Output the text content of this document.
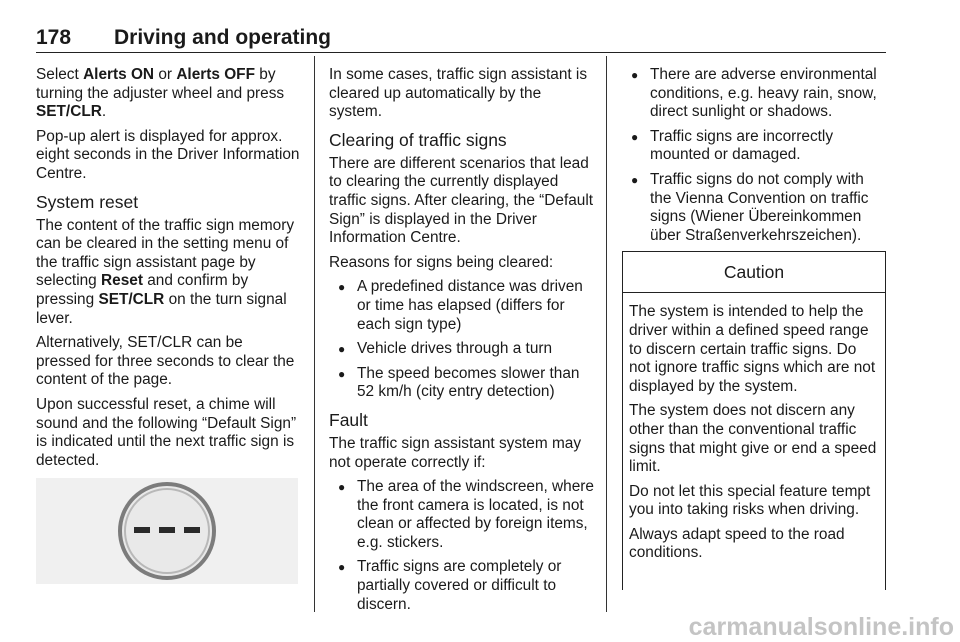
178 Driving and operating

Select Alerts ON or Alerts OFF by turning the adjuster wheel and press SET/CLR.

Pop-up alert is displayed for approx. eight seconds in the Driver Information Centre.

System reset

The content of the traffic sign memory can be cleared in the setting menu of the traffic sign assistant page by selecting Reset and confirm by pressing SET/CLR on the turn signal lever.

Alternatively, SET/CLR can be pressed for three seconds to clear the content of the page.

Upon successful reset, a chime will sound and the following “Default Sign” is indicated until the next traffic sign is detected.

In some cases, traffic sign assistant is cleared up automatically by the system.

Clearing of traffic signs

There are different scenarios that lead to clearing the currently displayed traffic signs. After clearing, the “Default Sign” is displayed in the Driver Information Centre.

Reasons for signs being cleared:

● A predefined distance was driven or time has elapsed (differs for each sign type)
● Vehicle drives through a turn
● The speed becomes slower than 52 km/h (city entry detection)
Fault

The traffic sign assistant system may not operate correctly if:

● The area of the windscreen, where the front camera is located, is not clean or affected by foreign items, e.g. stickers.
● Traffic signs are completely or partially covered or difficult to discern.
● There are adverse environmental conditions, e.g. heavy rain, snow, direct sunlight or shadows.
● Traffic signs are incorrectly mounted or damaged.
● Traffic signs do not comply with the Vienna Convention on traffic signs (Wiener Übereinkommen über Straßenverkehrszeichen).
Caution

The system is intended to help the driver within a defined speed range to discern certain traffic signs. Do not ignore traffic signs which are not displayed by the system.

The system does not discern any other than the conventional traffic signs that might give or end a speed limit.

Do not let this special feature tempt you into taking risks when driving.

Always adapt speed to the road conditions.

carmanualsonline.info
